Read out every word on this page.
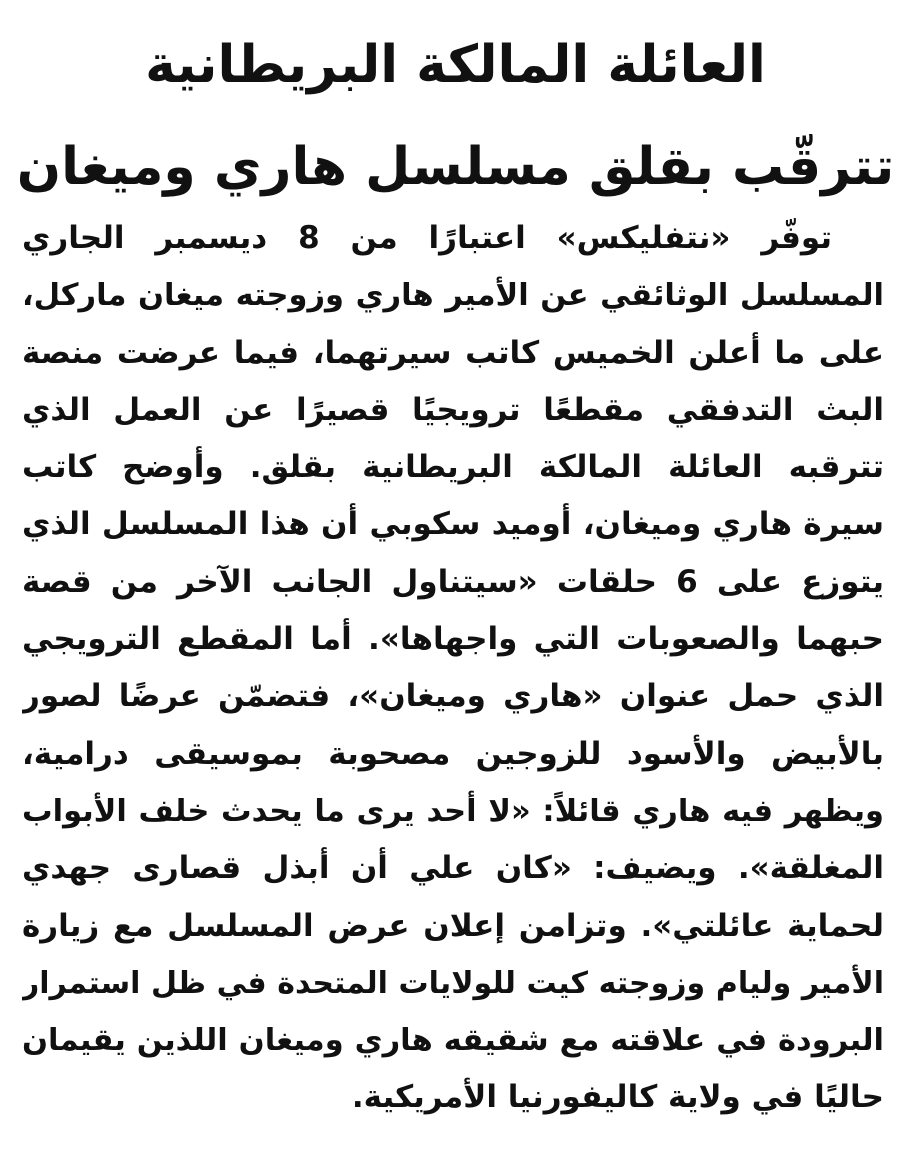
العائلة المالكة البريطانية
تترقّب بقلق مسلسل هاري وميغان
توفّر «نتفليكس» اعتبارًا من 8 ديسمبر الجاري
المسلسل الوثائقي عن الأمير هاري وزوجته ميغان ماركل،
على ما أعلن الخميس كاتب سيرتهما، فيما عرضت منصة
البث التدفقي مقطعًا ترويجيًا قصيرًا عن العمل الذي
تترقبه العائلة المالكة البريطانية بقلق. وأوضح كاتب
سيرة هاري وميغان، أوميد سكوبي أن هذا المسلسل الذي
يتوزع على 6 حلقات «سيتناول الجانب الآخر من قصة
حبهما والصعوبات التي واجهاها». أما المقطع الترويجي
الذي حمل عنوان «هاري وميغان»، فتضمّن عرضًا لصور
بالأبيض والأسود للزوجين مصحوبة بموسيقى درامية،
ويظهر فيه هاري قائلاً: «لا أحد يرى ما يحدث خلف الأبواب
المغلقة». ويضيف: «كان علي أن أبذل قصارى جهدي
لحماية عائلتي». وتزامن إعلان عرض المسلسل مع زيارة
الأمير وليام وزوجته كيت للولايات المتحدة في ظل استمرار
البرودة في علاقته مع شقيقه هاري وميغان اللذين يقيمان
حاليًا في ولاية كاليفورنيا الأمريكية.
